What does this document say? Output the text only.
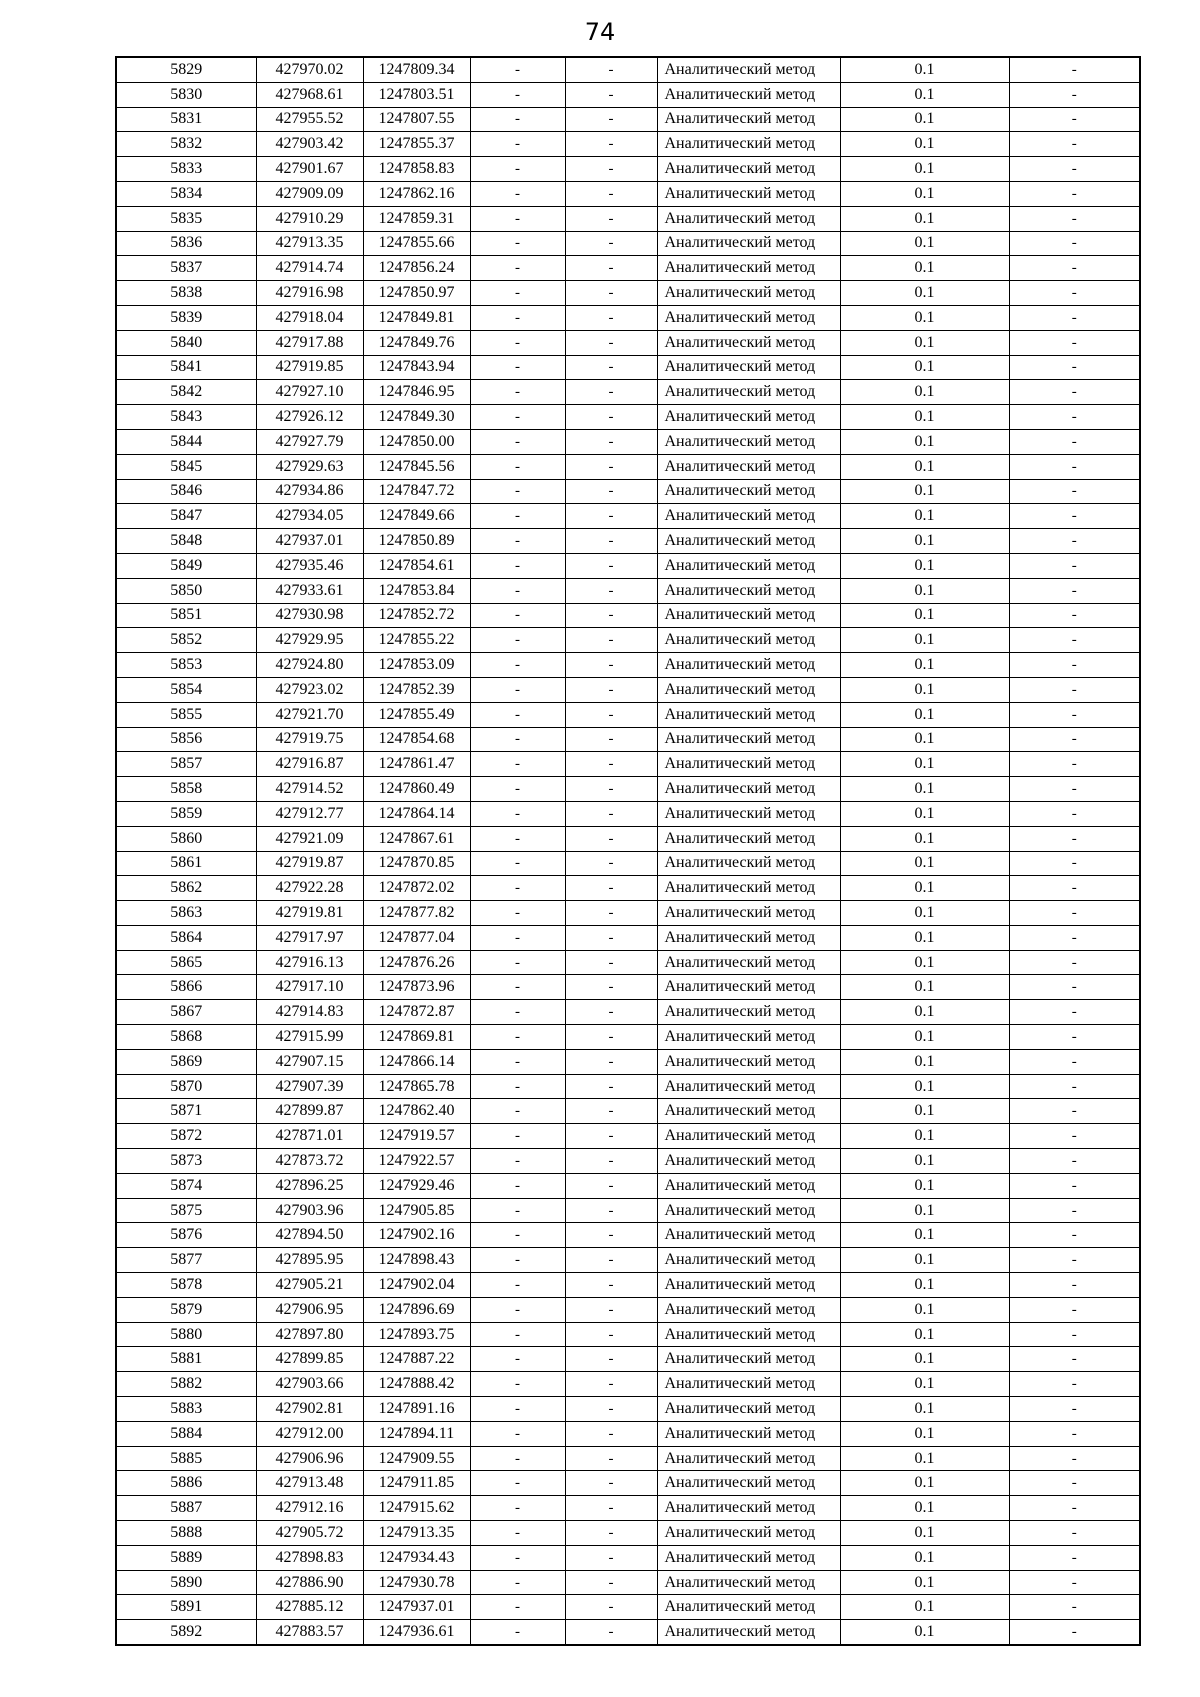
74
5829	427970.02	1247809.34	-	-	Аналитический метод	0.1	-
5830	427968.61	1247803.51	-	-	Аналитический метод	0.1	-
5831	427955.52	1247807.55	-	-	Аналитический метод	0.1	-
5832	427903.42	1247855.37	-	-	Аналитический метод	0.1	-
5833	427901.67	1247858.83	-	-	Аналитический метод	0.1	-
5834	427909.09	1247862.16	-	-	Аналитический метод	0.1	-
5835	427910.29	1247859.31	-	-	Аналитический метод	0.1	-
5836	427913.35	1247855.66	-	-	Аналитический метод	0.1	-
5837	427914.74	1247856.24	-	-	Аналитический метод	0.1	-
5838	427916.98	1247850.97	-	-	Аналитический метод	0.1	-
5839	427918.04	1247849.81	-	-	Аналитический метод	0.1	-
5840	427917.88	1247849.76	-	-	Аналитический метод	0.1	-
5841	427919.85	1247843.94	-	-	Аналитический метод	0.1	-
5842	427927.10	1247846.95	-	-	Аналитический метод	0.1	-
5843	427926.12	1247849.30	-	-	Аналитический метод	0.1	-
5844	427927.79	1247850.00	-	-	Аналитический метод	0.1	-
5845	427929.63	1247845.56	-	-	Аналитический метод	0.1	-
5846	427934.86	1247847.72	-	-	Аналитический метод	0.1	-
5847	427934.05	1247849.66	-	-	Аналитический метод	0.1	-
5848	427937.01	1247850.89	-	-	Аналитический метод	0.1	-
5849	427935.46	1247854.61	-	-	Аналитический метод	0.1	-
5850	427933.61	1247853.84	-	-	Аналитический метод	0.1	-
5851	427930.98	1247852.72	-	-	Аналитический метод	0.1	-
5852	427929.95	1247855.22	-	-	Аналитический метод	0.1	-
5853	427924.80	1247853.09	-	-	Аналитический метод	0.1	-
5854	427923.02	1247852.39	-	-	Аналитический метод	0.1	-
5855	427921.70	1247855.49	-	-	Аналитический метод	0.1	-
5856	427919.75	1247854.68	-	-	Аналитический метод	0.1	-
5857	427916.87	1247861.47	-	-	Аналитический метод	0.1	-
5858	427914.52	1247860.49	-	-	Аналитический метод	0.1	-
5859	427912.77	1247864.14	-	-	Аналитический метод	0.1	-
5860	427921.09	1247867.61	-	-	Аналитический метод	0.1	-
5861	427919.87	1247870.85	-	-	Аналитический метод	0.1	-
5862	427922.28	1247872.02	-	-	Аналитический метод	0.1	-
5863	427919.81	1247877.82	-	-	Аналитический метод	0.1	-
5864	427917.97	1247877.04	-	-	Аналитический метод	0.1	-
5865	427916.13	1247876.26	-	-	Аналитический метод	0.1	-
5866	427917.10	1247873.96	-	-	Аналитический метод	0.1	-
5867	427914.83	1247872.87	-	-	Аналитический метод	0.1	-
5868	427915.99	1247869.81	-	-	Аналитический метод	0.1	-
5869	427907.15	1247866.14	-	-	Аналитический метод	0.1	-
5870	427907.39	1247865.78	-	-	Аналитический метод	0.1	-
5871	427899.87	1247862.40	-	-	Аналитический метод	0.1	-
5872	427871.01	1247919.57	-	-	Аналитический метод	0.1	-
5873	427873.72	1247922.57	-	-	Аналитический метод	0.1	-
5874	427896.25	1247929.46	-	-	Аналитический метод	0.1	-
5875	427903.96	1247905.85	-	-	Аналитический метод	0.1	-
5876	427894.50	1247902.16	-	-	Аналитический метод	0.1	-
5877	427895.95	1247898.43	-	-	Аналитический метод	0.1	-
5878	427905.21	1247902.04	-	-	Аналитический метод	0.1	-
5879	427906.95	1247896.69	-	-	Аналитический метод	0.1	-
5880	427897.80	1247893.75	-	-	Аналитический метод	0.1	-
5881	427899.85	1247887.22	-	-	Аналитический метод	0.1	-
5882	427903.66	1247888.42	-	-	Аналитический метод	0.1	-
5883	427902.81	1247891.16	-	-	Аналитический метод	0.1	-
5884	427912.00	1247894.11	-	-	Аналитический метод	0.1	-
5885	427906.96	1247909.55	-	-	Аналитический метод	0.1	-
5886	427913.48	1247911.85	-	-	Аналитический метод	0.1	-
5887	427912.16	1247915.62	-	-	Аналитический метод	0.1	-
5888	427905.72	1247913.35	-	-	Аналитический метод	0.1	-
5889	427898.83	1247934.43	-	-	Аналитический метод	0.1	-
5890	427886.90	1247930.78	-	-	Аналитический метод	0.1	-
5891	427885.12	1247937.01	-	-	Аналитический метод	0.1	-
5892	427883.57	1247936.61	-	-	Аналитический метод	0.1	-
